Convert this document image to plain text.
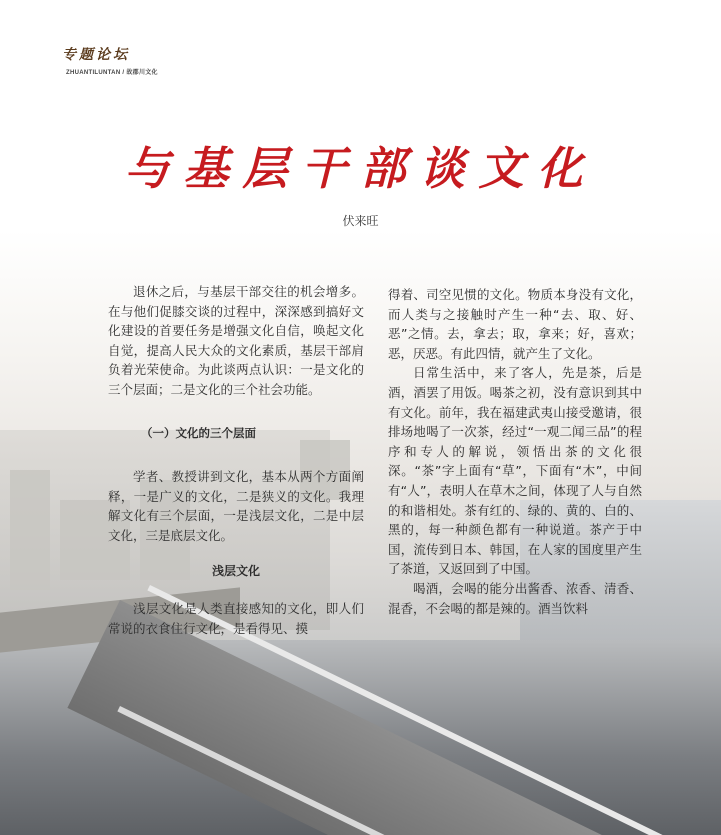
专题论坛
ZHUANTILUNTAN / 故郡川文化
与基层干部谈文化
伏来旺

退休之后，与基层干部交往的机会增多。在与他们促膝交谈的过程中，深深感到搞好文化建设的首要任务是增强文化自信，唤起文化自觉，提高人民大众的文化素质，基层干部肩负着光荣使命。为此谈两点认识：一是文化的三个层面；二是文化的三个社会功能。

（一）文化的三个层面

学者、教授讲到文化，基本从两个方面阐释，一是广义的文化，二是狭义的文化。我理解文化有三个层面，一是浅层文化，二是中层文化，三是底层文化。

浅层文化

浅层文化是人类直接感知的文化，即人们常说的衣食住行文化，是看得见、摸

得着、司空见惯的文化。物质本身没有文化，而人类与之接触时产生一种“去、取、好、恶”之情。去，拿去；取，拿来；好，喜欢；恶，厌恶。有此四情，就产生了文化。

日常生活中，来了客人，先是茶，后是酒，酒罢了用饭。喝茶之初，没有意识到其中有文化。前年，我在福建武夷山接受邀请，很排场地喝了一次茶，经过“一观二闻三品”的程序和专人的解说，领悟出茶的文化很深。“茶”字上面有“草”，下面有“木”，中间有“人”，表明人在草木之间，体现了人与自然的和谐相处。茶有红的、绿的、黄的、白的、黑的，每一种颜色都有一种说道。茶产于中国，流传到日本、韩国，在人家的国度里产生了茶道，又返回到了中国。

喝酒，会喝的能分出酱香、浓香、清香、混香，不会喝的都是辣的。酒当饮料
